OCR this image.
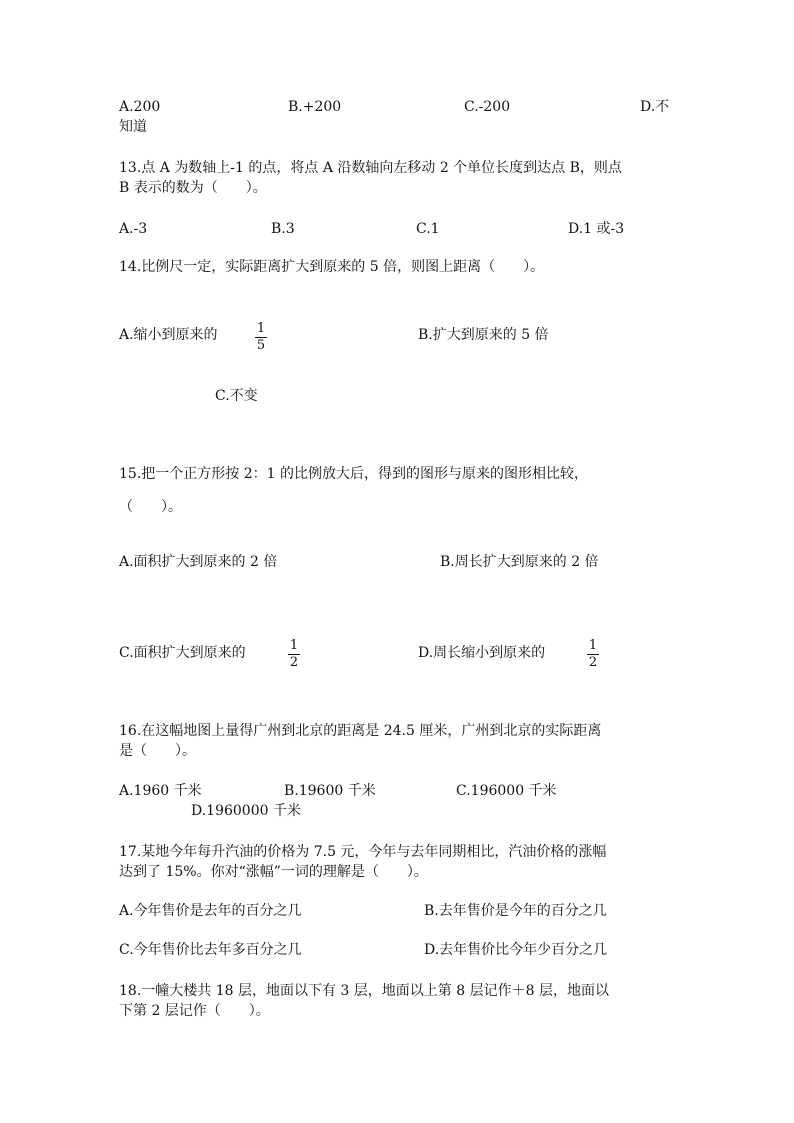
A.200	B.+200	C.-200	D.不
知道
13.点 A 为数轴上-1 的点，将点 A 沿数轴向左移动 2 个单位长度到达点 B，则点
B 表示的数为（　　）。
A.-3	B.3	C.1	D.1 或-3
14.比例尺一定，实际距离扩大到原来的 5 倍，则图上距离（　　）。
A.缩小到原来的	1
5
B.扩大到原来的 5 倍
C.不变
15.把一个正方形按 2：1 的比例放大后，得到的图形与原来的图形相比较，
（　　）。
A.面积扩大到原来的 2 倍	B.周长扩大到原来的 2 倍
C.面积扩大到原来的	1
2
D.周长缩小到原来的	1
2
16.在这幅地图上量得广州到北京的距离是 24.5 厘米，广州到北京的实际距离
是（　　）。
A.1960 千米	B.19600 千米	C.196000 千米
D.1960000 千米
17.某地今年每升汽油的价格为 7.5 元，今年与去年同期相比，汽油价格的涨幅
达到了 15%。你对“涨幅”一词的理解是（　　）。
A.今年售价是去年的百分之几	B.去年售价是今年的百分之几
C.今年售价比去年多百分之几	D.去年售价比今年少百分之几
18.一幢大楼共 18 层，地面以下有 3 层，地面以上第 8 层记作＋8 层，地面以
下第 2 层记作（　　）。
